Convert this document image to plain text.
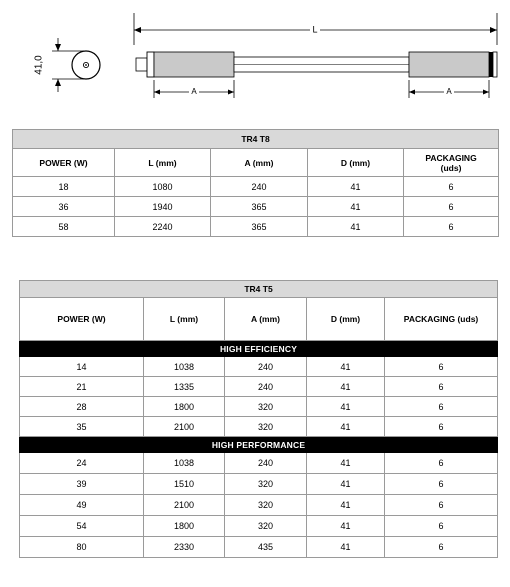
41,0
L
A	A
TR4 T8				
POWER (W)	L (mm)	A (mm)	D (mm)	PACKAGING
(uds)
18	1080	240	41	6
36	1940	365	41	6
58	2240	365	41	6
TR4 T5				
POWER (W)	L (mm)	A (mm)	D (mm)	PACKAGING (uds)
HIGH EFFICIENCY				
14	1038	240	41	6
21	1335	240	41	6
28	1800	320	41	6
35	2100	320	41	6
HIGH PERFORMANCE				
24	1038	240	41	6
39	1510	320	41	6
49	2100	320	41	6
54	1800	320	41	6
80	2330	435	41	6
